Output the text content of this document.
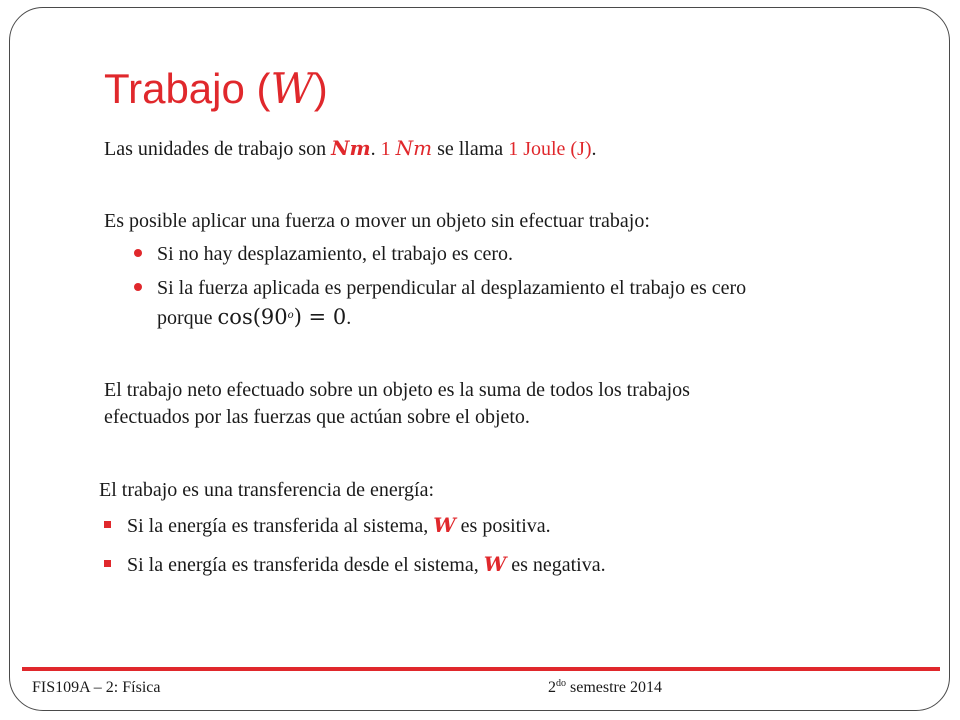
Trabajo (W)
Las unidades de trabajo son Nm. 1 Nm se llama 1 Joule (J).
Es posible aplicar una fuerza o mover un objeto sin efectuar trabajo:
Si no hay desplazamiento, el trabajo es cero.
Si la fuerza aplicada es perpendicular al desplazamiento el trabajo es cero
porque $\cos(90^o) = 0$.
El trabajo neto efectuado sobre un objeto es la suma de todos los trabajos
efectuados por las fuerzas que actúan sobre el objeto.
El trabajo es una transferencia de energía:
Si la energía es transferida al sistema, W es positiva.
Si la energía es transferida desde el sistema, W es negativa.
FIS109A – 2: Física	$2^{do}$ semestre 2014
